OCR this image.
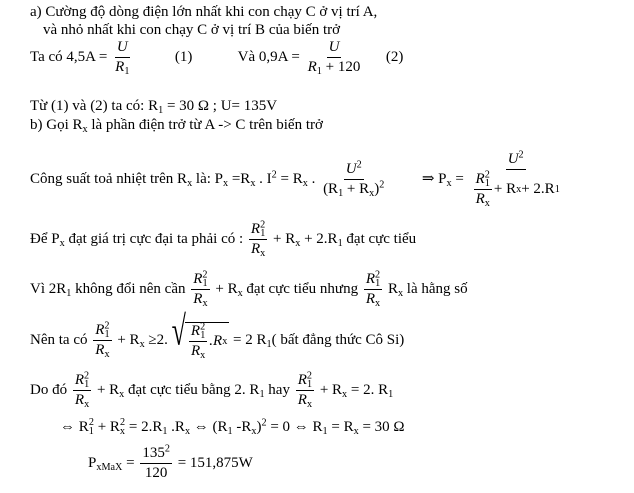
a) Cường độ dòng điện lớn nhất khi con chạy C ở vị trí A,
và nhỏ nhất khi con chạy C ở vị trí B của biến trở
Ta có $4,5A = \frac{U}{R_1}$	(1)	Và $0,9A = \frac{U}{R_1 + 120} (2)$
Từ (1) và (2) ta có: $R_1 = 30$ Ω ; U= 135V
b) Gọi $R_x$ là phần điện trở từ A -> C trên biến trở
Công suất toả nhiệt trên $R_x$ là: $P_x =R_x$ . $I^2 = R_x$ . $\frac{U^2}{(R_1 + R_x)^2}$ ⇒ $P_x = \frac{U^2}{\frac{R^2_1}{R_x} + R x + 2.R 1}$
Để $P_x$ đạt giá trị cực đại ta phải có : $\frac{R^2_1}{R_x} + R_x + 2.R_1$ đạt cực tiểu
Vì $2R_1$ không đổi nên cần $\frac{R^2_1}{R_x} + R_x$ đạt cực tiểu nhưng $\frac{R^2_1}{R_x} R_x$ là hằng số
Nên ta có $\frac{R^2_1}{R_x} + R_x \ge 2$. √ $\frac{R^2_1}{R_x} .R$ x = 2 $R_1$( bất đẳng thức Cô Si)
Do đó $\frac{R^2_1}{R_x} + R_x$ đạt cực tiểu bằng 2. $R_1$ hay $\frac{R^2_1}{R_x} + R_x = 2$. $R_1$
⇔ $R_1^2 + R_x^2 = 2.R_1$ $.R_x$ ⇔ ($R_1$ $-R_x)^2 = 0$ ⇔ $R_1 = R_x = 30$ Ω
$P_{xMaX} = \frac{135^2}{120} = 151,875W$
